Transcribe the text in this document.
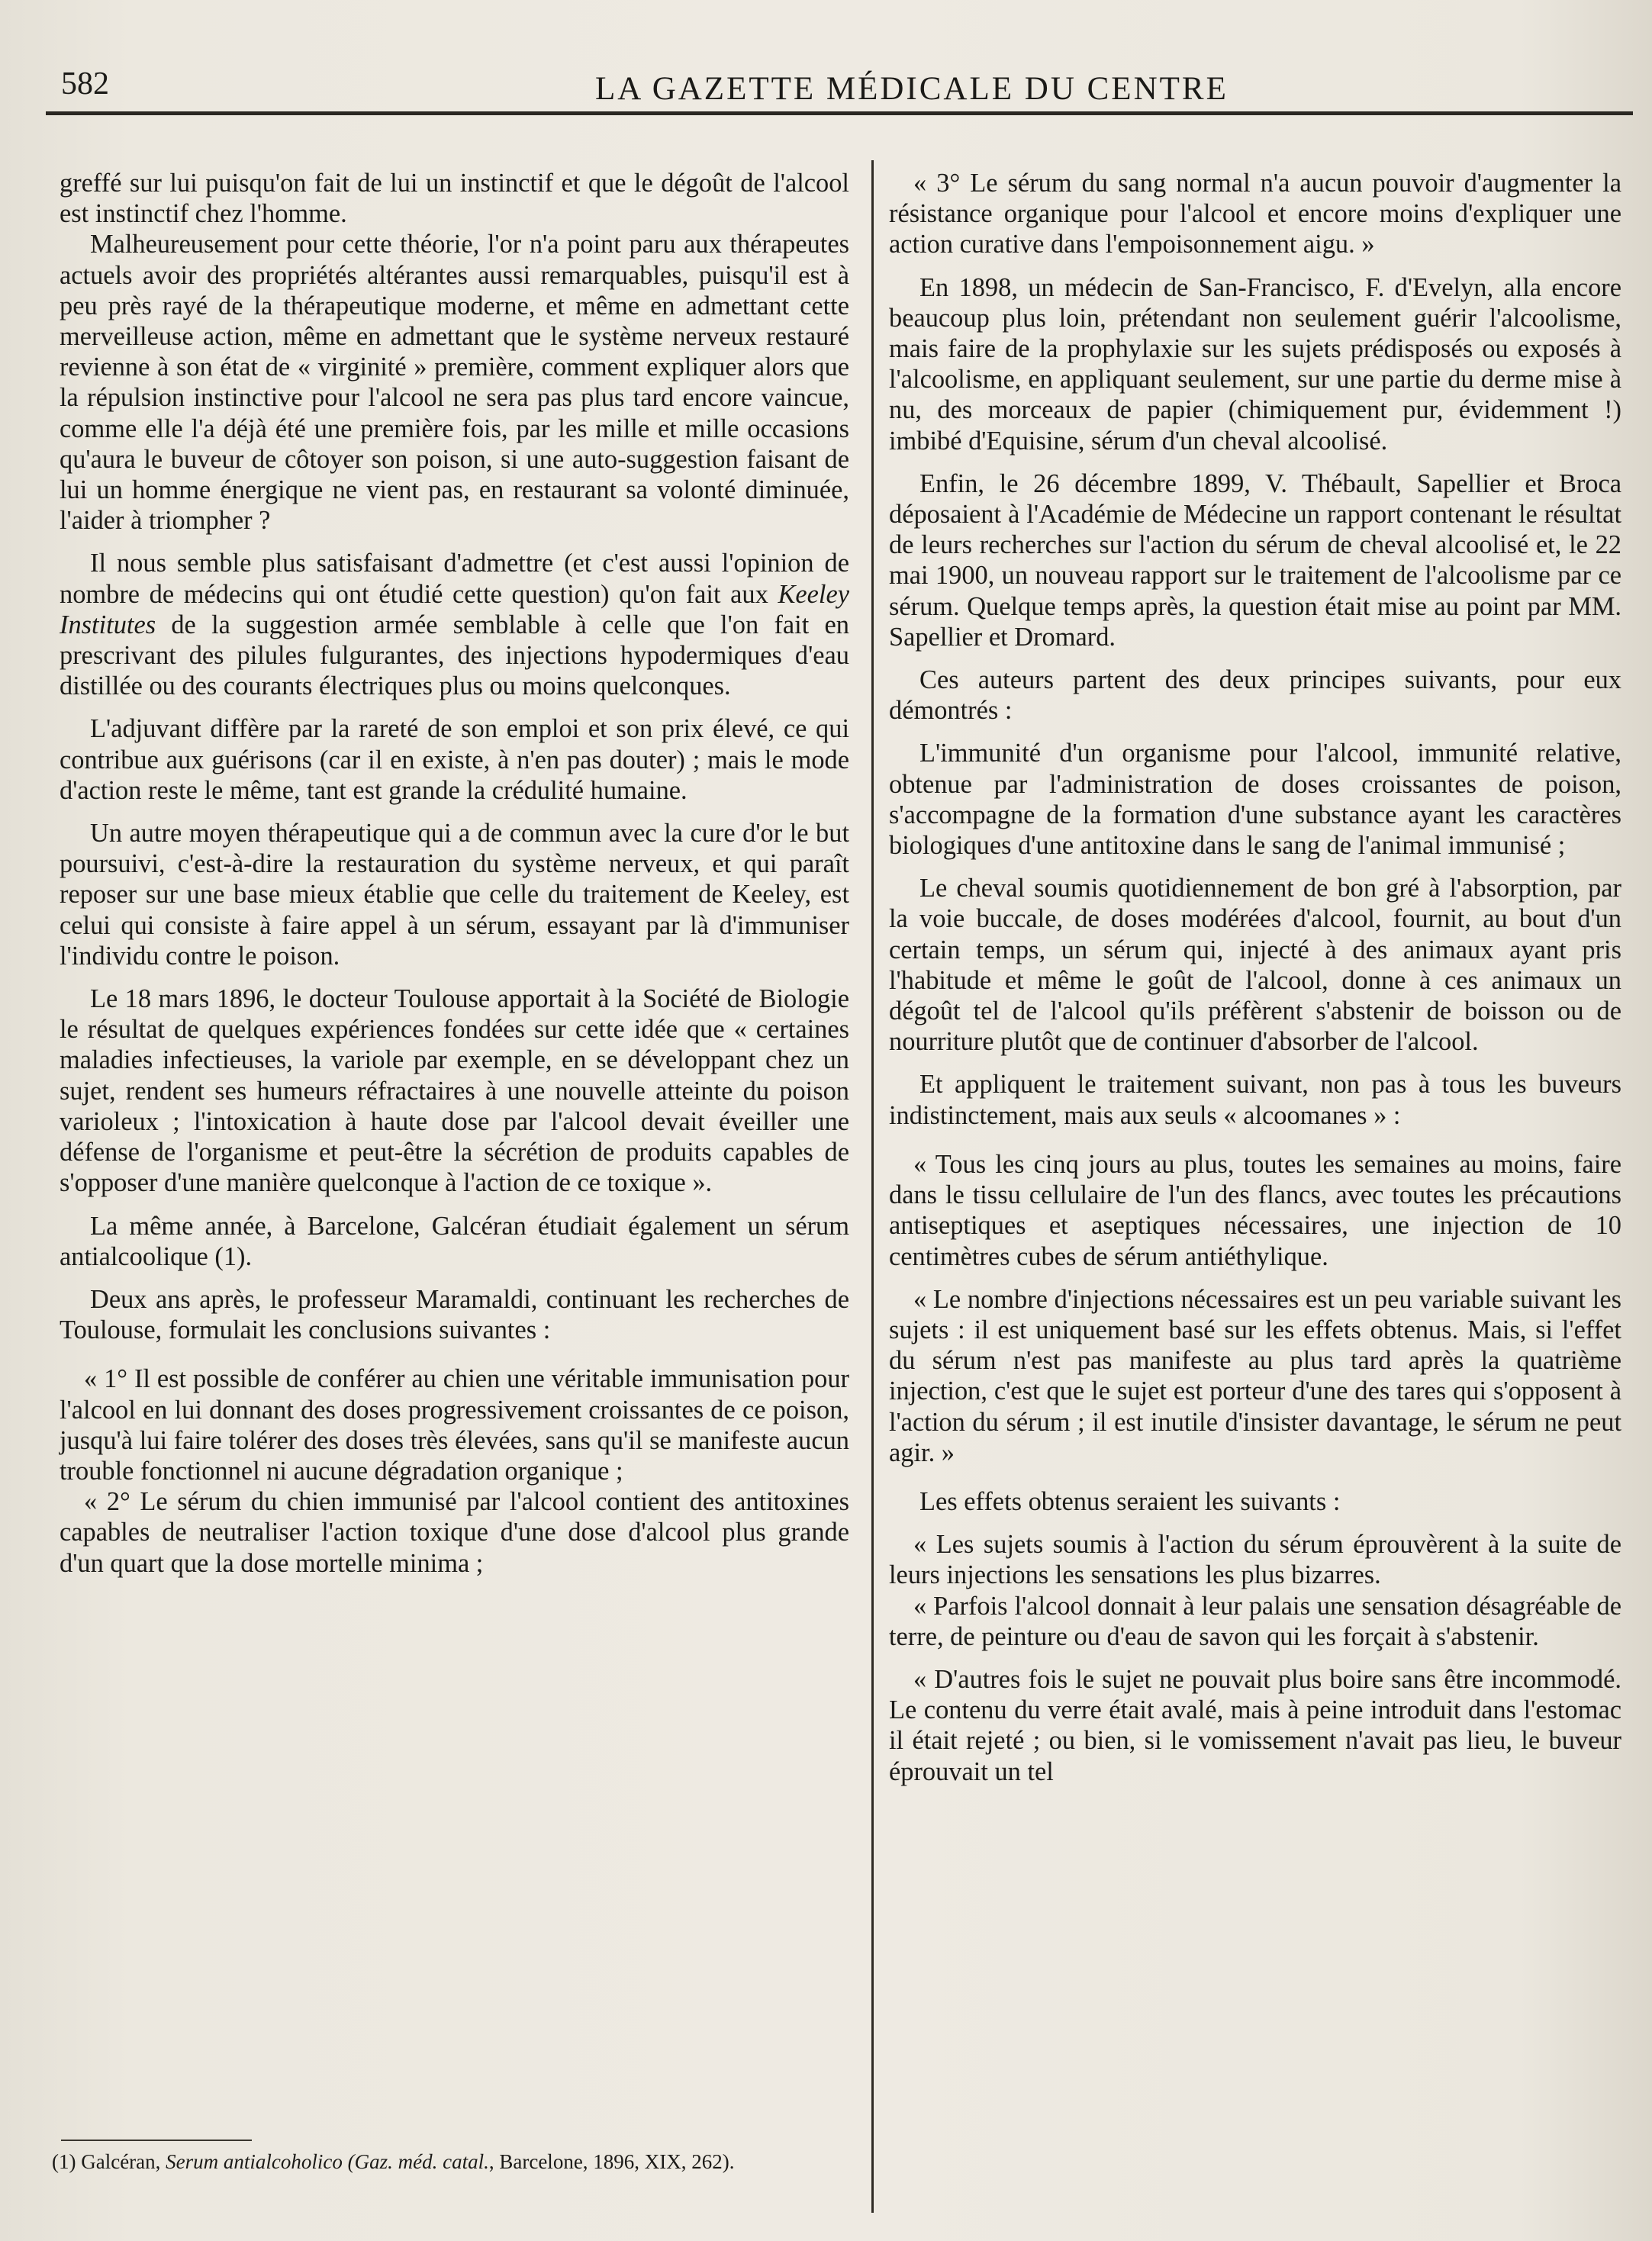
582	LA GAZETTE MÉDICALE DU CENTRE

greffé sur lui puisqu'on fait de lui un instinctif et que le dégoût de l'alcool est instinctif chez l'homme.

Malheureusement pour cette théorie, l'or n'a point paru aux thérapeutes actuels avoir des propriétés altérantes aussi remarquables, puisqu'il est à peu près rayé de la thérapeutique moderne, et même en admettant cette merveilleuse action, même en admettant que le système nerveux restauré revienne à son état de « virginité » première, comment expliquer alors que la répulsion instinctive pour l'alcool ne sera pas plus tard encore vaincue, comme elle l'a déjà été une première fois, par les mille et mille occasions qu'aura le buveur de côtoyer son poison, si une auto-suggestion faisant de lui un homme énergique ne vient pas, en restaurant sa volonté diminuée, l'aider à triompher ?

Il nous semble plus satisfaisant d'admettre (et c'est aussi l'opinion de nombre de médecins qui ont étudié cette question) qu'on fait aux Keeley Institutes de la suggestion armée semblable à celle que l'on fait en prescrivant des pilules fulgurantes, des injections hypodermiques d'eau distillée ou des courants électriques plus ou moins quelconques.

L'adjuvant diffère par la rareté de son emploi et son prix élevé, ce qui contribue aux guérisons (car il en existe, à n'en pas douter) ; mais le mode d'action reste le même, tant est grande la crédulité humaine.

Un autre moyen thérapeutique qui a de commun avec la cure d'or le but poursuivi, c'est-à-dire la restauration du système nerveux, et qui paraît reposer sur une base mieux établie que celle du traitement de Keeley, est celui qui consiste à faire appel à un sérum, essayant par là d'immuniser l'individu contre le poison.

Le 18 mars 1896, le docteur Toulouse apportait à la Société de Biologie le résultat de quelques expériences fondées sur cette idée que « certaines maladies infectieuses, la variole par exemple, en se développant chez un sujet, rendent ses humeurs réfractaires à une nouvelle atteinte du poison varioleux ; l'intoxication à haute dose par l'alcool devait éveiller une défense de l'organisme et peut-être la sécrétion de produits capables de s'opposer d'une manière quelconque à l'action de ce toxique ».

La même année, à Barcelone, Galcéran étudiait également un sérum antialcoolique (1).

Deux ans après, le professeur Maramaldi, continuant les recherches de Toulouse, formulait les conclusions suivantes :

« 1° Il est possible de conférer au chien une véritable immunisation pour l'alcool en lui donnant des doses progressivement croissantes de ce poison, jusqu'à lui faire tolérer des doses très élevées, sans qu'il se manifeste aucun trouble fonctionnel ni aucune dégradation organique ;

« 2° Le sérum du chien immunisé par l'alcool contient des antitoxines capables de neutraliser l'action toxique d'une dose d'alcool plus grande d'un quart que la dose mortelle minima ;

« 3° Le sérum du sang normal n'a aucun pouvoir d'augmenter la résistance organique pour l'alcool et encore moins d'expliquer une action curative dans l'empoisonnement aigu. »

En 1898, un médecin de San-Francisco, F. d'Evelyn, alla encore beaucoup plus loin, prétendant non seulement guérir l'alcoolisme, mais faire de la prophylaxie sur les sujets prédisposés ou exposés à l'alcoolisme, en appliquant seulement, sur une partie du derme mise à nu, des morceaux de papier (chimiquement pur, évidemment !) imbibé d'Equisine, sérum d'un cheval alcoolisé.

Enfin, le 26 décembre 1899, V. Thébault, Sapellier et Broca déposaient à l'Académie de Médecine un rapport contenant le résultat de leurs recherches sur l'action du sérum de cheval alcoolisé et, le 22 mai 1900, un nouveau rapport sur le traitement de l'alcoolisme par ce sérum. Quelque temps après, la question était mise au point par MM. Sapellier et Dromard.

Ces auteurs partent des deux principes suivants, pour eux démontrés :

L'immunité d'un organisme pour l'alcool, immunité relative, obtenue par l'administration de doses croissantes de poison, s'accompagne de la formation d'une substance ayant les caractères biologiques d'une antitoxine dans le sang de l'animal immunisé ;

Le cheval soumis quotidiennement de bon gré à l'absorption, par la voie buccale, de doses modérées d'alcool, fournit, au bout d'un certain temps, un sérum qui, injecté à des animaux ayant pris l'habitude et même le goût de l'alcool, donne à ces animaux un dégoût tel de l'alcool qu'ils préfèrent s'abstenir de boisson ou de nourriture plutôt que de continuer d'absorber de l'alcool.

Et appliquent le traitement suivant, non pas à tous les buveurs indistinctement, mais aux seuls « alcoomanes » :

« Tous les cinq jours au plus, toutes les semaines au moins, faire dans le tissu cellulaire de l'un des flancs, avec toutes les précautions antiseptiques et aseptiques nécessaires, une injection de 10 centimètres cubes de sérum antiéthylique.

« Le nombre d'injections nécessaires est un peu variable suivant les sujets : il est uniquement basé sur les effets obtenus. Mais, si l'effet du sérum n'est pas manifeste au plus tard après la quatrième injection, c'est que le sujet est porteur d'une des tares qui s'opposent à l'action du sérum ; il est inutile d'insister davantage, le sérum ne peut agir. »

Les effets obtenus seraient les suivants :

« Les sujets soumis à l'action du sérum éprouvèrent à la suite de leurs injections les sensations les plus bizarres.

« Parfois l'alcool donnait à leur palais une sensation désagréable de terre, de peinture ou d'eau de savon qui les forçait à s'abstenir.

« D'autres fois le sujet ne pouvait plus boire sans être incommodé. Le contenu du verre était avalé, mais à peine introduit dans l'estomac il était rejeté ; ou bien, si le vomissement n'avait pas lieu, le buveur éprouvait un tel

(1) Galcéran, Serum antialcoholico (Gaz. méd. catal., Barcelone, 1896, XIX, 262).
